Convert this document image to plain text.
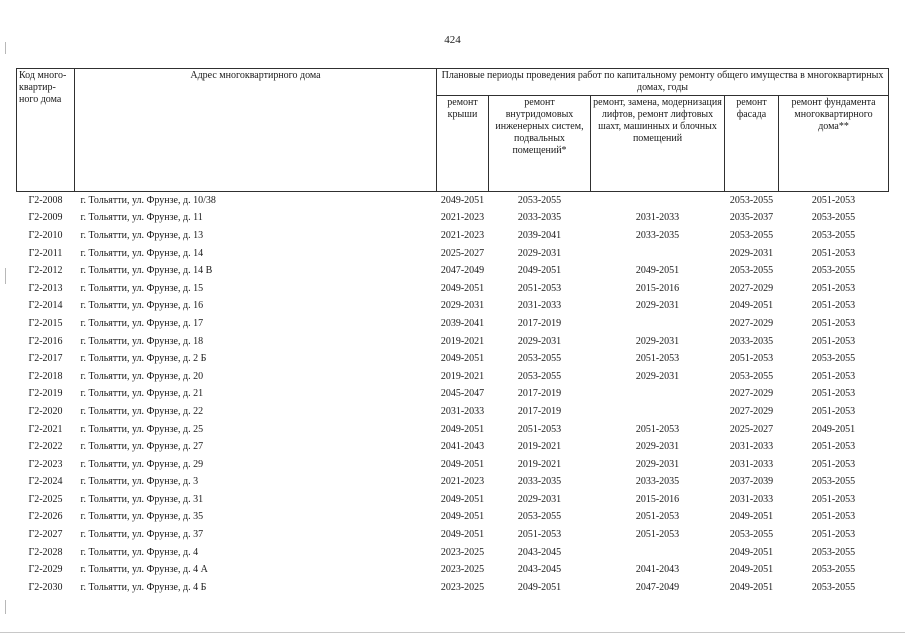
424
Код много-квартир-ного дома	Адрес многоквартирного дома	Плановые периоды проведения работ по капитальному ремонту общего имущества в многоквартирных домах, годы				
		ремонт крыши	ремонт внутридомовых инженерных систем, подвальных помещений*	ремонт, замена, модернизация лифтов, ремонт лифтовых шахт, машинных и блочных помещений	ремонт фасада	ремонт фундамента многоквартирного дома**
Г2-2008	г. Тольятти, ул. Фрунзе, д. 10/38	2049-2051	2053-2055		2053-2055	2051-2053
Г2-2009	г. Тольятти, ул. Фрунзе, д. 11	2021-2023	2033-2035	2031-2033	2035-2037	2053-2055
Г2-2010	г. Тольятти, ул. Фрунзе, д. 13	2021-2023	2039-2041	2033-2035	2053-2055	2053-2055
Г2-2011	г. Тольятти, ул. Фрунзе, д. 14	2025-2027	2029-2031		2029-2031	2051-2053
Г2-2012	г. Тольятти, ул. Фрунзе, д. 14 В	2047-2049	2049-2051	2049-2051	2053-2055	2053-2055
Г2-2013	г. Тольятти, ул. Фрунзе, д. 15	2049-2051	2051-2053	2015-2016	2027-2029	2051-2053
Г2-2014	г. Тольятти, ул. Фрунзе, д. 16	2029-2031	2031-2033	2029-2031	2049-2051	2051-2053
Г2-2015	г. Тольятти, ул. Фрунзе, д. 17	2039-2041	2017-2019		2027-2029	2051-2053
Г2-2016	г. Тольятти, ул. Фрунзе, д. 18	2019-2021	2029-2031	2029-2031	2033-2035	2051-2053
Г2-2017	г. Тольятти, ул. Фрунзе, д. 2 Б	2049-2051	2053-2055	2051-2053	2051-2053	2053-2055
Г2-2018	г. Тольятти, ул. Фрунзе, д. 20	2019-2021	2053-2055	2029-2031	2053-2055	2051-2053
Г2-2019	г. Тольятти, ул. Фрунзе, д. 21	2045-2047	2017-2019		2027-2029	2051-2053
Г2-2020	г. Тольятти, ул. Фрунзе, д. 22	2031-2033	2017-2019		2027-2029	2051-2053
Г2-2021	г. Тольятти, ул. Фрунзе, д. 25	2049-2051	2051-2053	2051-2053	2025-2027	2049-2051
Г2-2022	г. Тольятти, ул. Фрунзе, д. 27	2041-2043	2019-2021	2029-2031	2031-2033	2051-2053
Г2-2023	г. Тольятти, ул. Фрунзе, д. 29	2049-2051	2019-2021	2029-2031	2031-2033	2051-2053
Г2-2024	г. Тольятти, ул. Фрунзе, д. 3	2021-2023	2033-2035	2033-2035	2037-2039	2053-2055
Г2-2025	г. Тольятти, ул. Фрунзе, д. 31	2049-2051	2029-2031	2015-2016	2031-2033	2051-2053
Г2-2026	г. Тольятти, ул. Фрунзе, д. 35	2049-2051	2053-2055	2051-2053	2049-2051	2051-2053
Г2-2027	г. Тольятти, ул. Фрунзе, д. 37	2049-2051	2051-2053	2051-2053	2053-2055	2051-2053
Г2-2028	г. Тольятти, ул. Фрунзе, д. 4	2023-2025	2043-2045		2049-2051	2053-2055
Г2-2029	г. Тольятти, ул. Фрунзе, д. 4 А	2023-2025	2043-2045	2041-2043	2049-2051	2053-2055
Г2-2030	г. Тольятти, ул. Фрунзе, д. 4 Б	2023-2025	2049-2051	2047-2049	2049-2051	2053-2055
